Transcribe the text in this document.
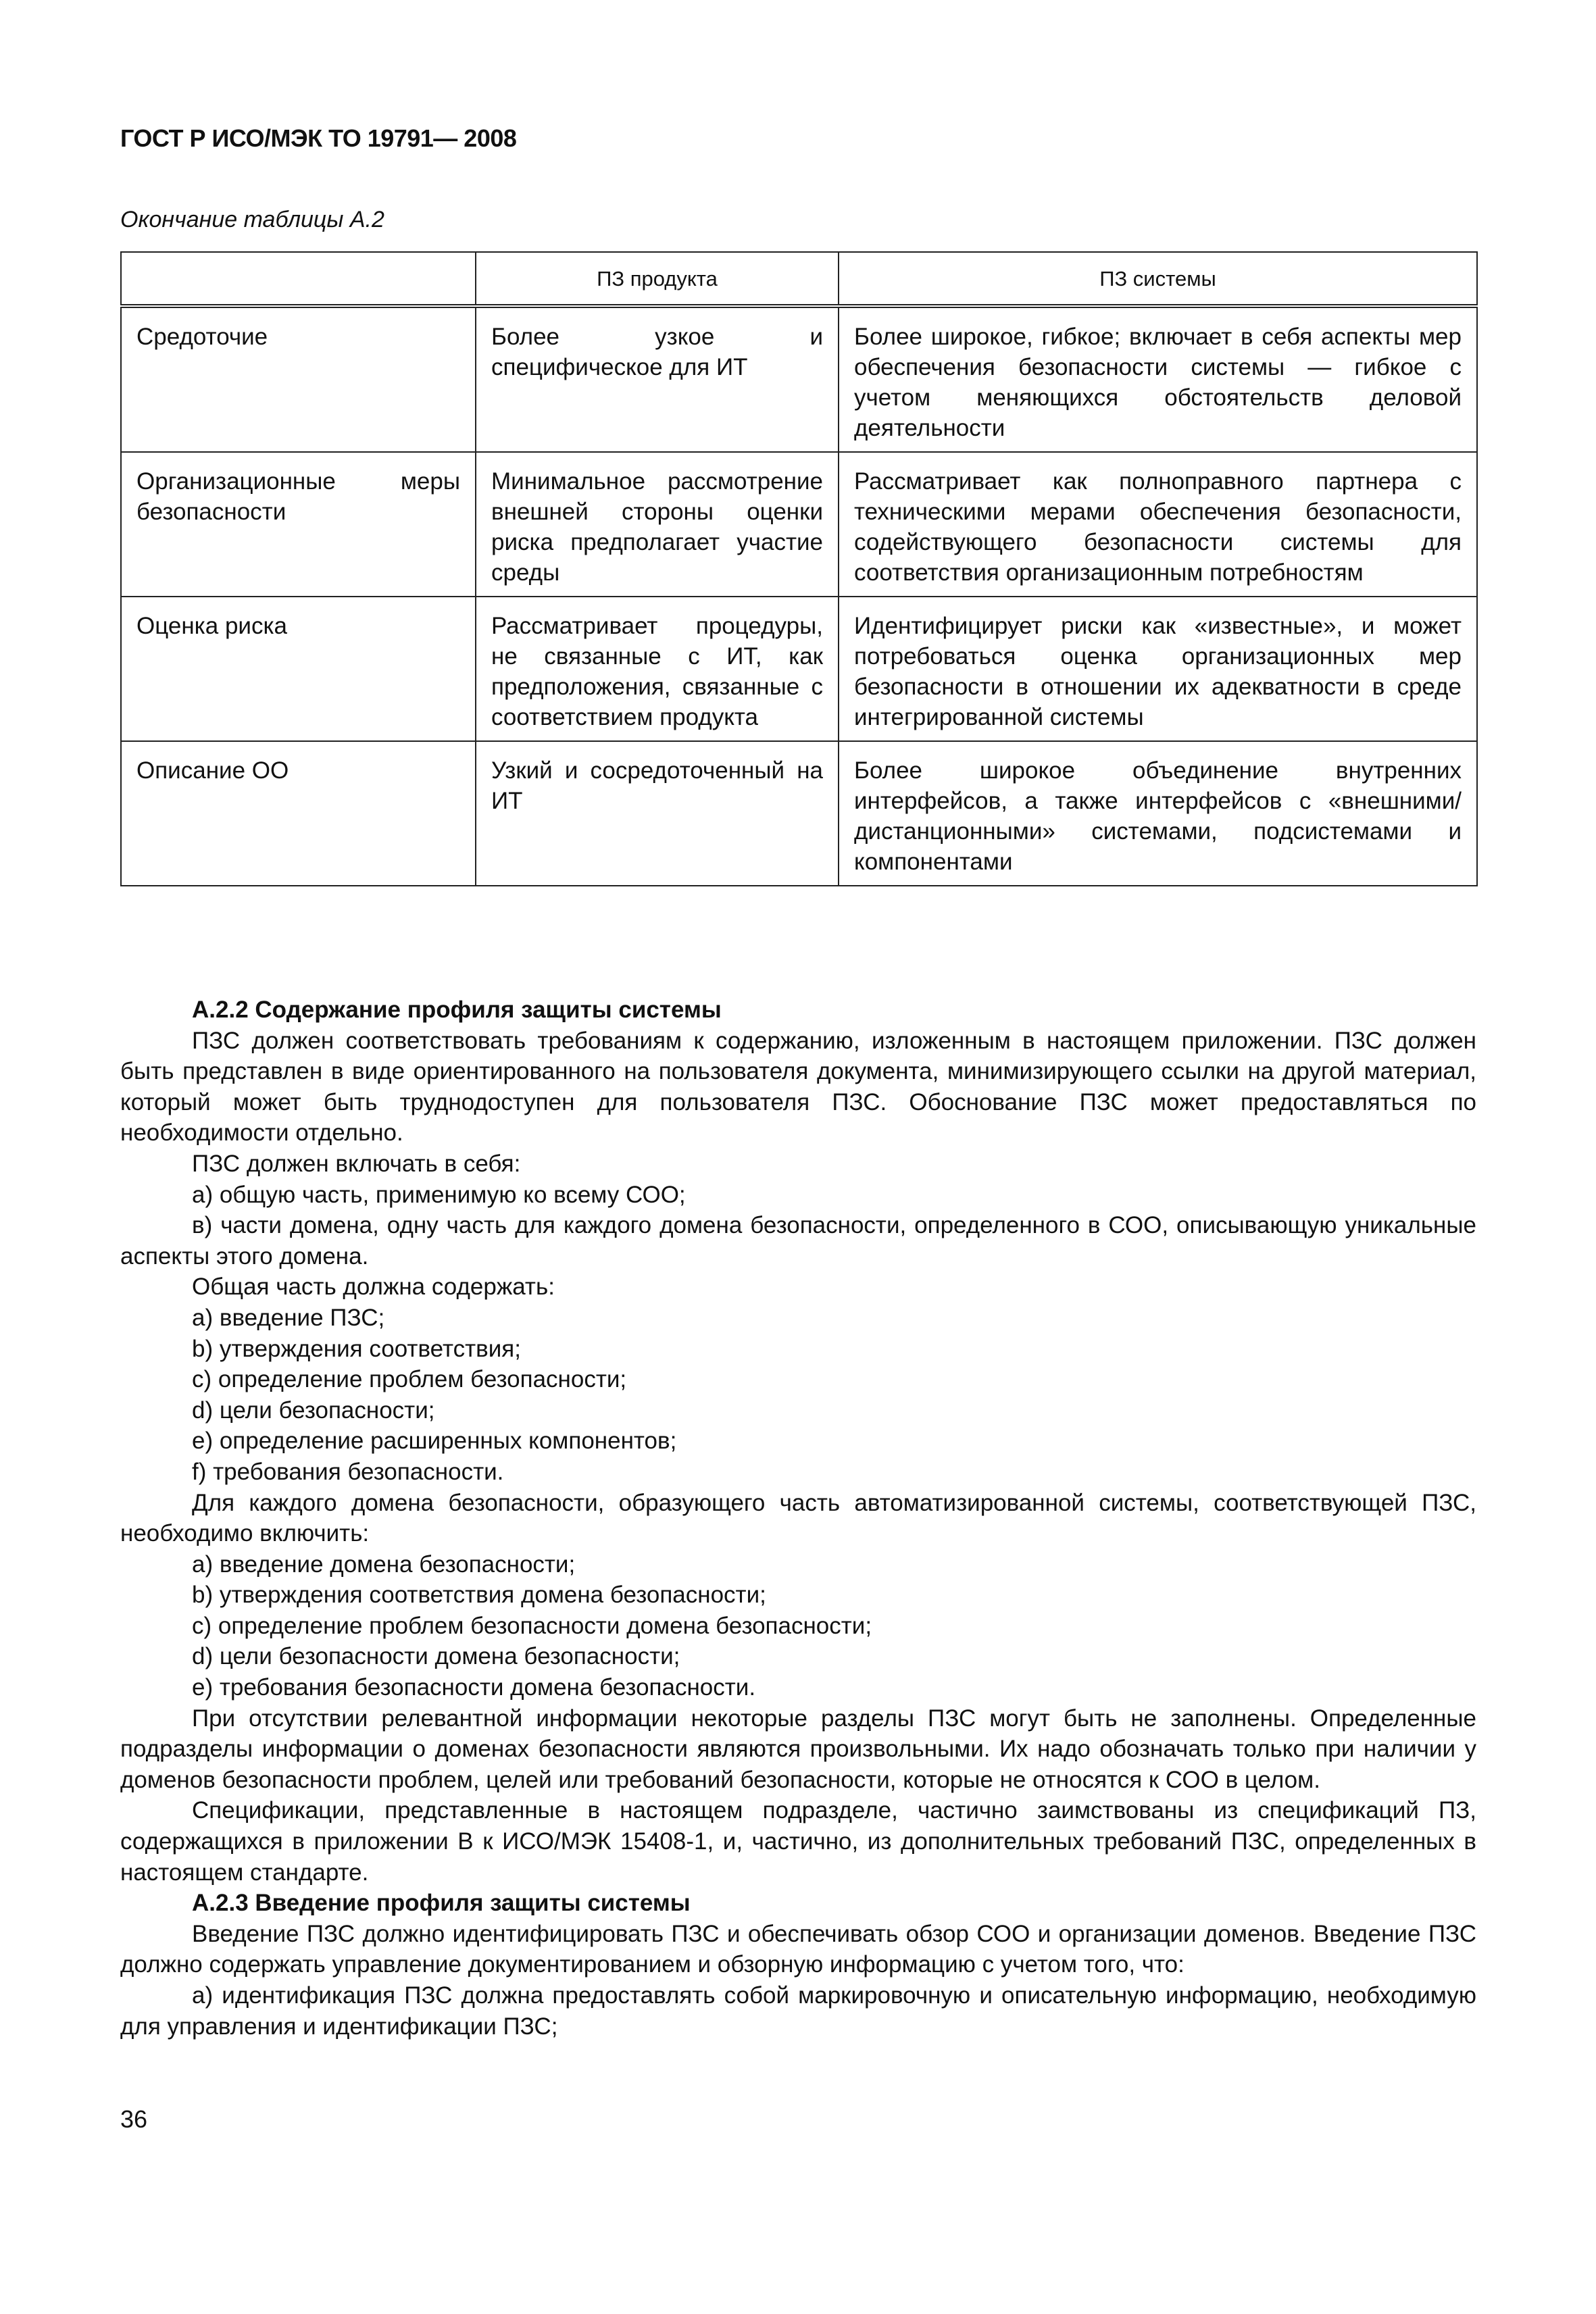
ГОСТ Р ИСО/МЭК ТО 19791— 2008
Окончание таблицы А.2
	ПЗ продукта	ПЗ системы
Средоточие	Более узкое и специфическое для ИТ	Более широкое, гибкое; включает в себя аспекты мер обеспечения безопасности системы — гибкое с учетом меняющихся обстоятельств деловой деятельности
Организационные меры безопасности	Минимальное рассмотрение внешней стороны оценки риска предполагает участие среды	Рассматривает как полноправного партнера с техническими мерами обеспечения безопасности, содействующего безопасности системы для соответствия организационным потребностям
Оценка риска	Рассматривает процедуры, не связанные с ИТ, как предположения, связанные с соответствием продукта	Идентифицирует риски как «известные», и может потребоваться оценка организационных мер безопасности в отношении их адекватности в среде интегрированной системы
Описание ОО	Узкий и сосредоточенный на ИТ	Более широкое объединение внутренних интерфейсов, а также интерфейсов с «внешними/дистанционными» системами, подсистемами и компонентами

А.2.2 Содержание профиля защиты системы

ПЗС должен соответствовать требованиям к содержанию, изложенным в настоящем приложении. ПЗС должен быть представлен в виде ориентированного на пользователя документа, минимизирующего ссылки на другой материал, который может быть труднодоступен для пользователя ПЗС. Обоснование ПЗС может предоставляться по необходимости отдельно.

ПЗС должен включать в себя:

а) общую часть, применимую ко всему СОО;

в) части домена, одну часть для каждого домена безопасности, определенного в СОО, описывающую уникальные аспекты этого домена.

Общая часть должна содержать:

а) введение ПЗС;

b) утверждения соответствия;

с) определение проблем безопасности;

d) цели безопасности;

е) определение расширенных компонентов;

f) требования безопасности.

Для каждого домена безопасности, образующего часть автоматизированной системы, соответствующей ПЗС, необходимо включить:

а) введение домена безопасности;

b) утверждения соответствия домена безопасности;

с) определение проблем безопасности домена безопасности;

d) цели безопасности домена безопасности;

е) требования безопасности домена безопасности.

При отсутствии релевантной информации некоторые разделы ПЗС могут быть не заполнены. Определенные подразделы информации о доменах безопасности являются произвольными. Их надо обозначать только при наличии у доменов безопасности проблем, целей или требований безопасности, которые не относятся к СОО в целом.

Спецификации, представленные в настоящем подразделе, частично заимствованы из спецификаций ПЗ, содержащихся в приложении В к ИСО/МЭК 15408-1, и, частично, из дополнительных требований ПЗС, определенных в настоящем стандарте.

А.2.3 Введение профиля защиты системы

Введение ПЗС должно идентифицировать ПЗС и обеспечивать обзор СОО и организации доменов. Введение ПЗС должно содержать управление документированием и обзорную информацию с учетом того, что:

а) идентификация ПЗС должна предоставлять собой маркировочную и описательную информацию, необходимую для управления и идентификации ПЗС;

36
